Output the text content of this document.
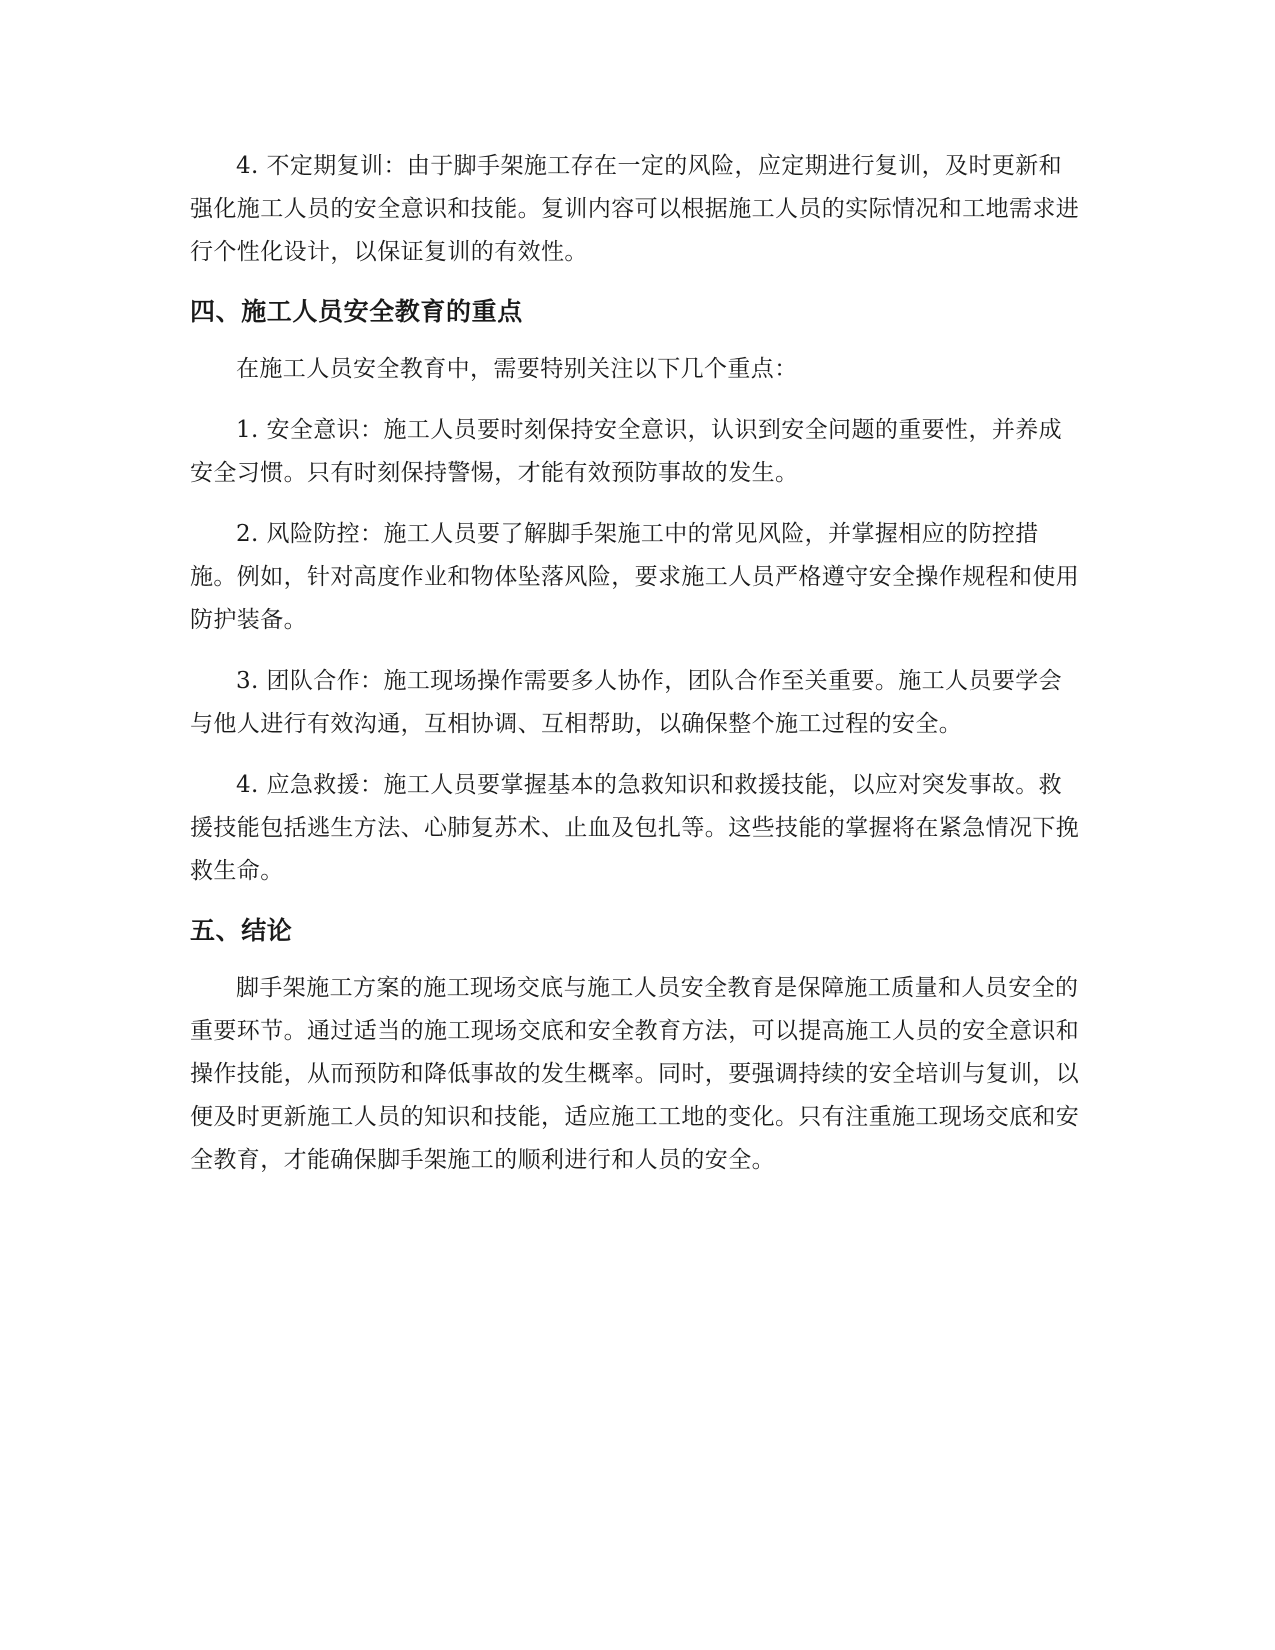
4. 不定期复训：由于脚手架施工存在一定的风险，应定期进行复训，及时更新和强化施工人员的安全意识和技能。复训内容可以根据施工人员的实际情况和工地需求进行个性化设计，以保证复训的有效性。

四、施工人员安全教育的重点

在施工人员安全教育中，需要特别关注以下几个重点：

1. 安全意识：施工人员要时刻保持安全意识，认识到安全问题的重要性，并养成安全习惯。只有时刻保持警惕，才能有效预防事故的发生。

2. 风险防控：施工人员要了解脚手架施工中的常见风险，并掌握相应的防控措施。例如，针对高度作业和物体坠落风险，要求施工人员严格遵守安全操作规程和使用防护装备。

3. 团队合作：施工现场操作需要多人协作，团队合作至关重要。施工人员要学会与他人进行有效沟通，互相协调、互相帮助，以确保整个施工过程的安全。

4. 应急救援：施工人员要掌握基本的急救知识和救援技能，以应对突发事故。救援技能包括逃生方法、心肺复苏术、止血及包扎等。这些技能的掌握将在紧急情况下挽救生命。

五、结论

脚手架施工方案的施工现场交底与施工人员安全教育是保障施工质量和人员安全的重要环节。通过适当的施工现场交底和安全教育方法，可以提高施工人员的安全意识和操作技能，从而预防和降低事故的发生概率。同时，要强调持续的安全培训与复训，以便及时更新施工人员的知识和技能，适应施工工地的变化。只有注重施工现场交底和安全教育，才能确保脚手架施工的顺利进行和人员的安全。
